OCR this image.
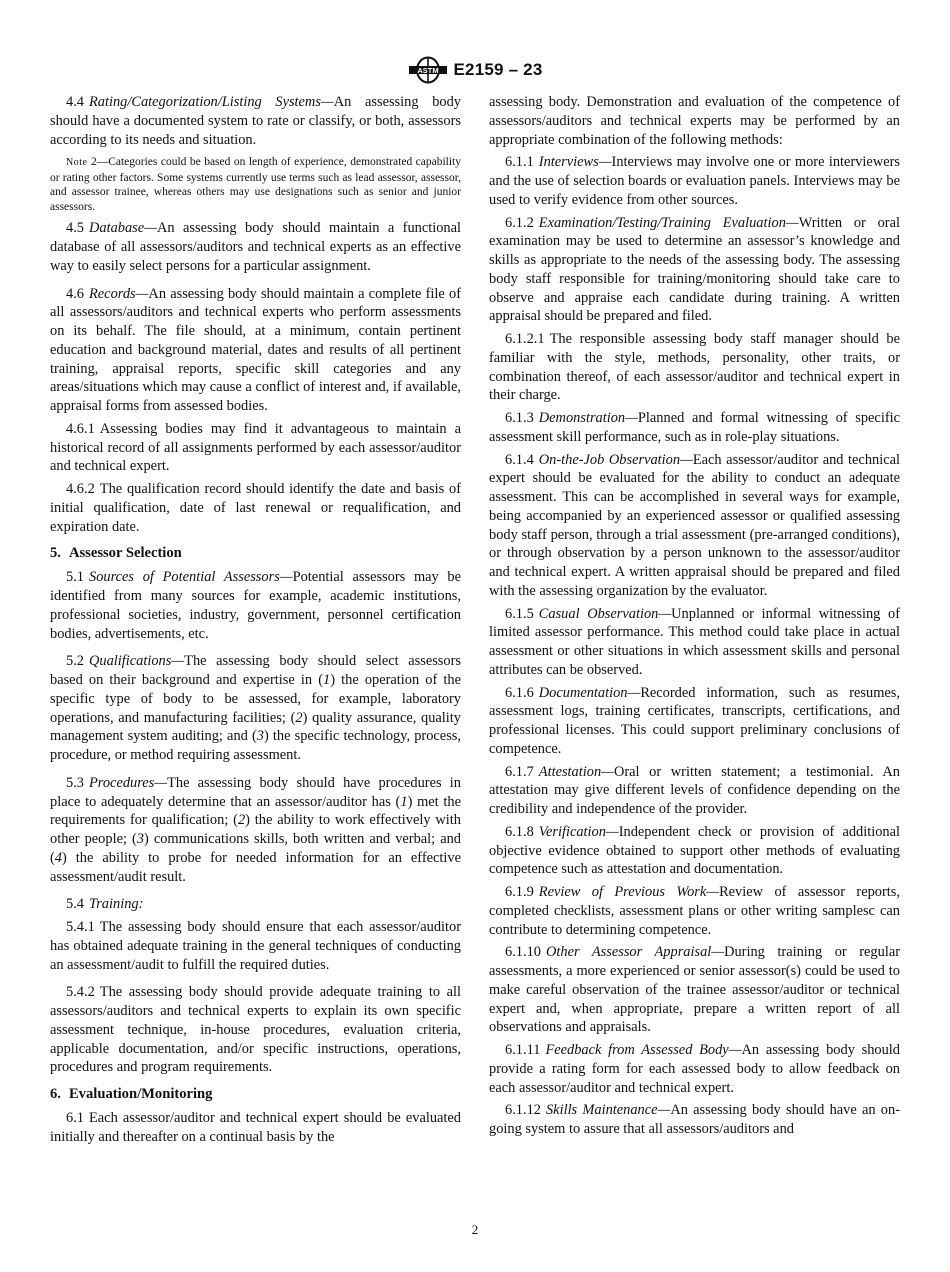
ASTM E2159 – 23

4.4 Rating/Categorization/Listing Systems—An assessing body should have a documented system to rate or classify, or both, assessors according to its needs and situation.

Note 2—Categories could be based on length of experience, demonstrated capability or rating other factors. Some systems currently use terms such as lead assessor, assessor, and assessor trainee, whereas others may use designations such as senior and junior assessors.

4.5 Database—An assessing body should maintain a functional database of all assessors/auditors and technical experts as an effective way to easily select persons for a particular assignment.

4.6 Records—An assessing body should maintain a complete file of all assessors/auditors and technical experts who perform assessments on its behalf. The file should, at a minimum, contain pertinent education and background material, dates and results of all pertinent training, appraisal reports, specific skill categories and any areas/situations which may cause a conflict of interest and, if available, appraisal forms from assessed bodies.

4.6.1 Assessing bodies may find it advantageous to maintain a historical record of all assignments performed by each assessor/auditor and technical expert.

4.6.2 The qualification record should identify the date and basis of initial qualification, date of last renewal or requalification, and expiration date.

5. Assessor Selection

5.1 Sources of Potential Assessors—Potential assessors may be identified from many sources for example, academic institutions, professional societies, industry, government, personnel certification bodies, advertisements, etc.

5.2 Qualifications—The assessing body should select assessors based on their background and expertise in (1) the operation of the specific type of body to be assessed, for example, laboratory operations, and manufacturing facilities; (2) quality assurance, quality management system auditing; and (3) the specific technology, process, procedure, or method requiring assessment.

5.3 Procedures—The assessing body should have procedures in place to adequately determine that an assessor/auditor has (1) met the requirements for qualification; (2) the ability to work effectively with other people; (3) communications skills, both written and verbal; and (4) the ability to probe for needed information for an effective assessment/audit result.

5.4 Training:

5.4.1 The assessing body should ensure that each assessor/auditor has obtained adequate training in the general techniques of conducting an assessment/audit to fulfill the required duties.

5.4.2 The assessing body should provide adequate training to all assessors/auditors and technical experts to explain its own specific assessment technique, in-house procedures, evaluation criteria, applicable documentation, and/or specific instructions, operations, procedures and program requirements.

6. Evaluation/Monitoring

6.1 Each assessor/auditor and technical expert should be evaluated initially and thereafter on a continual basis by the

assessing body. Demonstration and evaluation of the competence of assessors/auditors and technical experts may be performed by an appropriate combination of the following methods:

6.1.1 Interviews—Interviews may involve one or more interviewers and the use of selection boards or evaluation panels. Interviews may be used to verify evidence from other sources.

6.1.2 Examination/Testing/Training Evaluation—Written or oral examination may be used to determine an assessor’s knowledge and skills as appropriate to the needs of the assessing body. The assessing body staff responsible for training/monitoring should take care to observe and appraise each candidate during training. A written appraisal should be prepared and filed.

6.1.2.1 The responsible assessing body staff manager should be familiar with the style, methods, personality, other traits, or combination thereof, of each assessor/auditor and technical expert in their charge.

6.1.3 Demonstration—Planned and formal witnessing of specific assessment skill performance, such as in role-play situations.

6.1.4 On-the-Job Observation—Each assessor/auditor and technical expert should be evaluated for the ability to conduct an adequate assessment. This can be accomplished in several ways for example, being accompanied by an experienced assessor or qualified assessing body staff person, through a trial assessment (pre-arranged conditions), or through observation by a person unknown to the assessor/auditor and technical expert. A written appraisal should be prepared and filed with the assessing organization by the evaluator.

6.1.5 Casual Observation—Unplanned or informal witnessing of limited assessor performance. This method could take place in actual assessment or other situations in which assessment skills and personal attributes can be observed.

6.1.6 Documentation—Recorded information, such as resumes, assessment logs, training certificates, transcripts, certifications, and professional licenses. This could support preliminary conclusions of competence.

6.1.7 Attestation—Oral or written statement; a testimonial. An attestation may give different levels of confidence depending on the credibility and independence of the provider.

6.1.8 Verification—Independent check or provision of additional objective evidence obtained to support other methods of evaluating competence such as attestation and documentation.

6.1.9 Review of Previous Work—Review of assessor reports, completed checklists, assessment plans or other writing samplesc can contribute to determining competence.

6.1.10 Other Assessor Appraisal—During training or regular assessments, a more experienced or senior assessor(s) could be used to make careful observation of the trainee assessor/auditor or technical expert and, when appropriate, prepare a written report of all observations and appraisals.

6.1.11 Feedback from Assessed Body—An assessing body should provide a rating form for each assessed body to allow feedback on each assessor/auditor and technical expert.

6.1.12 Skills Maintenance—An assessing body should have an on-going system to assure that all assessors/auditors and

2
